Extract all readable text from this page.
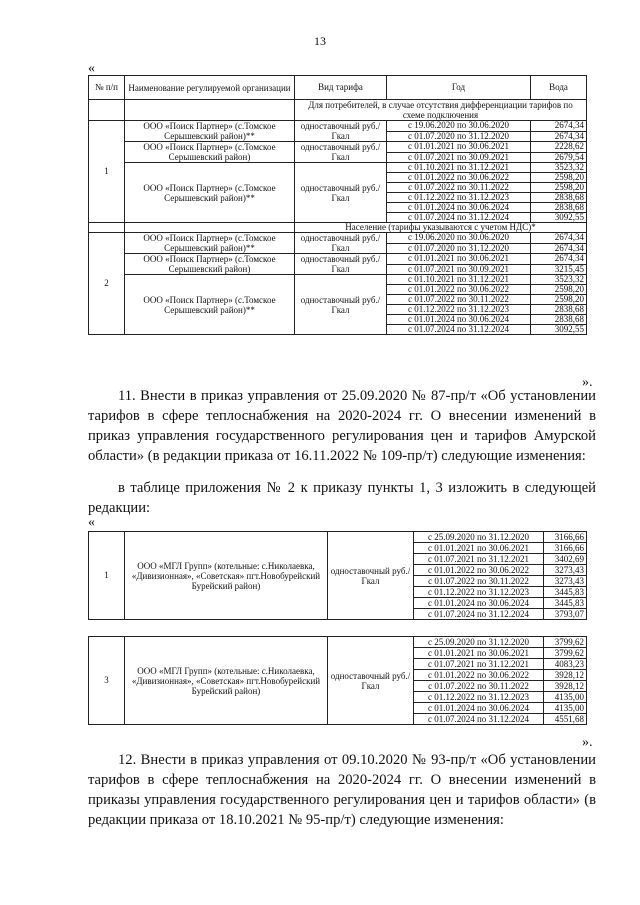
13
«
№ п/п	Наименование регулируемой организации	Вид тарифа	Год	Вода
		Для потребителей, в случае отсутствия дифференциации тарифов по схеме подключения		
1	ООО «Поиск Партнер» (с.Томское Серышевский район)**	одноставочный руб./Гкал	с 19.06.2020 по 30.06.2020	2674,34
			с 01.07.2020 по 31.12.2020	2674,34
	ООО «Поиск Партнер» (с.Томское Серышевский район)	одноставочный руб./Гкал	с 01.01.2021 по 30.06.2021	2228,62
			с 01.07.2021 по 30.09.2021	2679,54
	ООО «Поиск Партнер» (с.Томское Серышевский район)**	одноставочный руб./Гкал	с 01.10.2021 по 31.12.2021	3523,32
			с 01.01.2022 по 30.06.2022	2598,20
			с 01.07.2022 по 30.11.2022	2598,20
			с 01.12.2022 по 31.12.2023	2838,68
			с 01.01.2024 по 30.06.2024	2838,68
			с 01.07.2024 по 31.12.2024	3092,55
		Население (тарифы указываются с учетом НДС)*		
2	ООО «Поиск Партнер» (с.Томское Серышевский район)**	одноставочный руб./Гкал	с 19.06.2020 по 30.06.2020	2674,34
			с 01.07.2020 по 31.12.2020	2674,34
	ООО «Поиск Партнер» (с.Томское Серышевский район)	одноставочный руб./Гкал	с 01.01.2021 по 30.06.2021	2674,34
			с 01.07.2021 по 30.09.2021	3215,45
	ООО «Поиск Партнер» (с.Томское Серышевский район)**	одноставочный руб./Гкал	с 01.10.2021 по 31.12.2021	3523,32
			с 01.01.2022 по 30.06.2022	2598,20
			с 01.07.2022 по 30.11.2022	2598,20
			с 01.12.2022 по 31.12.2023	2838,68
			с 01.01.2024 по 30.06.2024	2838,68
			с 01.07.2024 по 31.12.2024	3092,55
».
11. Внести в приказ управления от 25.09.2020 № 87-пр/т «Об установлении тарифов в сфере теплоснабжения на 2020-2024 гг. О внесении изменений в приказ управления государственного регулирования цен и тарифов Амурской области» (в редакции приказа от 16.11.2022 № 109-пр/т) следующие изменения:
в таблице приложения № 2 к приказу пункты 1, 3 изложить в следующей редакции:
«
1	ООО «МГЛ Групп» (котельные: с.Николаевка, «Дивизионная», «Советская» пгт.Новобурейский Бурейский район)	одноставочный руб./Гкал	с 25.09.2020 по 31.12.2020	3166,66
			с 01.01.2021 по 30.06.2021	3166,66
			с 01.07.2021 по 31.12.2021	3402,69
			с 01.01.2022 по 30.06.2022	3273,43
			с 01.07.2022 по 30.11.2022	3273,43
			с 01.12.2022 по 31.12.2023	3445,83
			с 01.01.2024 по 30.06.2024	3445,83
			с 01.07.2024 по 31.12.2024	3793,07
3	ООО «МГЛ Групп» (котельные: с.Николаевка, «Дивизионная», «Советская» пгт.Новобурейский Бурейский район)	одноставочный руб./Гкал	с 25.09.2020 по 31.12.2020	3799,62
			с 01.01.2021 по 30.06.2021	3799,62
			с 01.07.2021 по 31.12.2021	4083,23
			с 01.01.2022 по 30.06.2022	3928,12
			с 01.07.2022 по 30.11.2022	3928,12
			с 01.12.2022 по 31.12.2023	4135,00
			с 01.01.2024 по 30.06.2024	4135,00
			с 01.07.2024 по 31.12.2024	4551,68
».
12. Внести в приказ управления от 09.10.2020 № 93-пр/т «Об установлении тарифов в сфере теплоснабжения на 2020-2024 гг. О внесении изменений в приказы управления государственного регулирования цен и тарифов области» (в редакции приказа от 18.10.2021 № 95-пр/т) следующие изменения:
